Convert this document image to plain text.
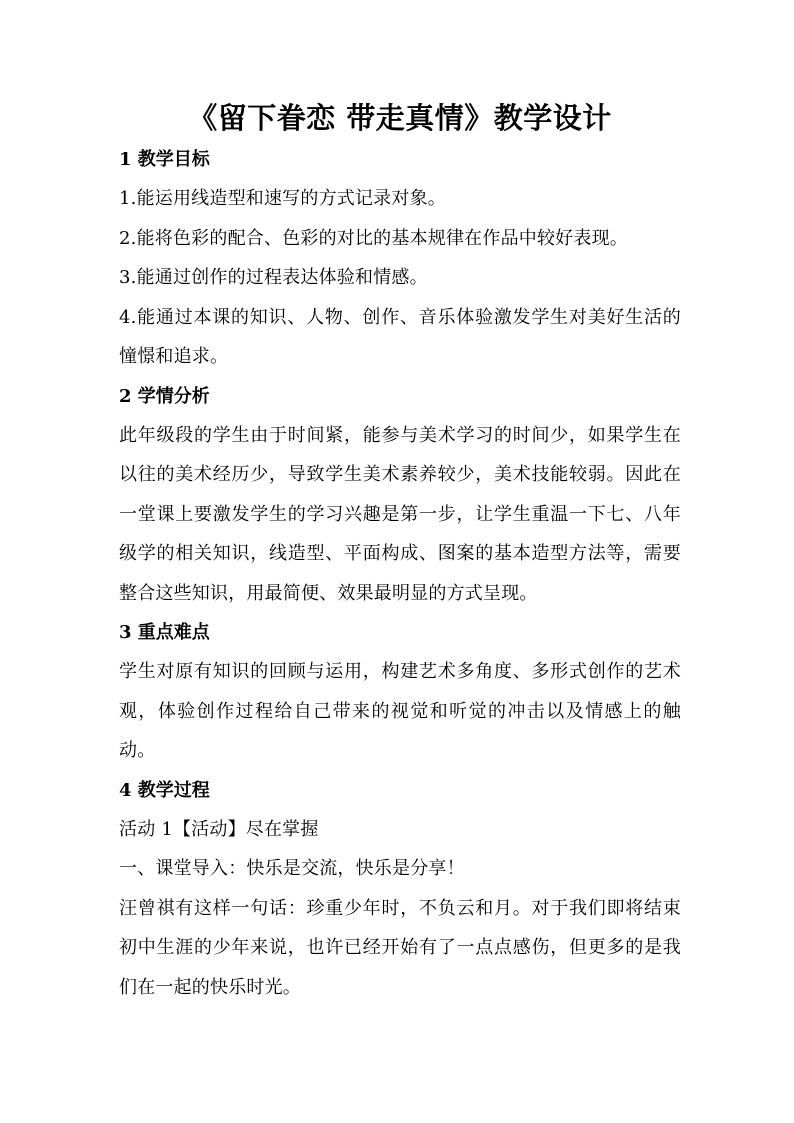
《留下眷恋 带走真情》教学设计
1 教学目标

1.能运用线造型和速写的方式记录对象。

2.能将色彩的配合、色彩的对比的基本规律在作品中较好表现。

3.能通过创作的过程表达体验和情感。

4.能通过本课的知识、人物、创作、音乐体验激发学生对美好生活的憧憬和追求。

2 学情分析

此年级段的学生由于时间紧，能参与美术学习的时间少，如果学生在以往的美术经历少，导致学生美术素养较少，美术技能较弱。因此在一堂课上要激发学生的学习兴趣是第一步，让学生重温一下七、八年级学的相关知识，线造型、平面构成、图案的基本造型方法等，需要整合这些知识，用最简便、效果最明显的方式呈现。

3 重点难点

学生对原有知识的回顾与运用，构建艺术多角度、多形式创作的艺术观，体验创作过程给自己带来的视觉和听觉的冲击以及情感上的触动。

4 教学过程

活动 1【活动】尽在掌握

一、课堂导入：快乐是交流，快乐是分享！

汪曾祺有这样一句话：珍重少年时，不负云和月。对于我们即将结束初中生涯的少年来说，也许已经开始有了一点点感伤，但更多的是我们在一起的快乐时光。
